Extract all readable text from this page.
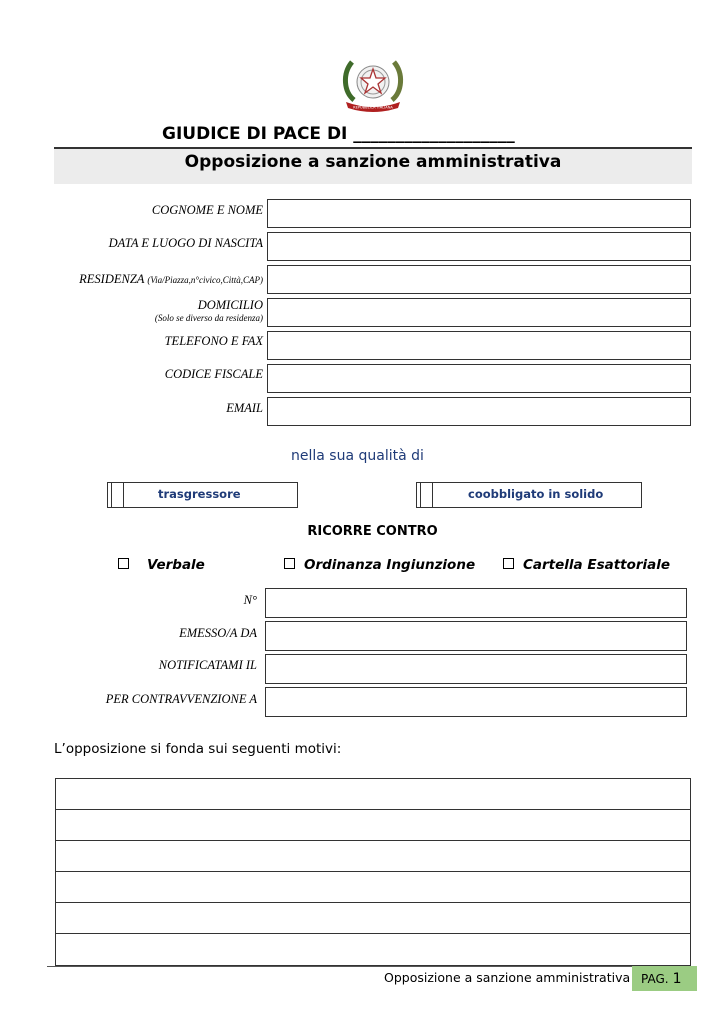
REPUBBLICA ITALIANA
GIUDICE DI PACE DI ___________________
Opposizione a sanzione amministrativa
COGNOME E NOME
DATA E LUOGO DI NASCITA
RESIDENZA (Via/Piazza,n°civico,Città,CAP)
DOMICILIO
(Solo se diverso da residenza)
TELEFONO E FAX
CODICE FISCALE
EMAIL
nella sua qualità di
trasgressore	coobbligato in solido
RICORRE CONTRO
Verbale	Ordinanza Ingiunzione	Cartella Esattoriale
N°
EMESSO/A DA
NOTIFICATAMI IL
PER CONTRAVVENZIONE A
L’opposizione si fonda sui seguenti motivi:
Opposizione a sanzione amministrativa PAG. 1
